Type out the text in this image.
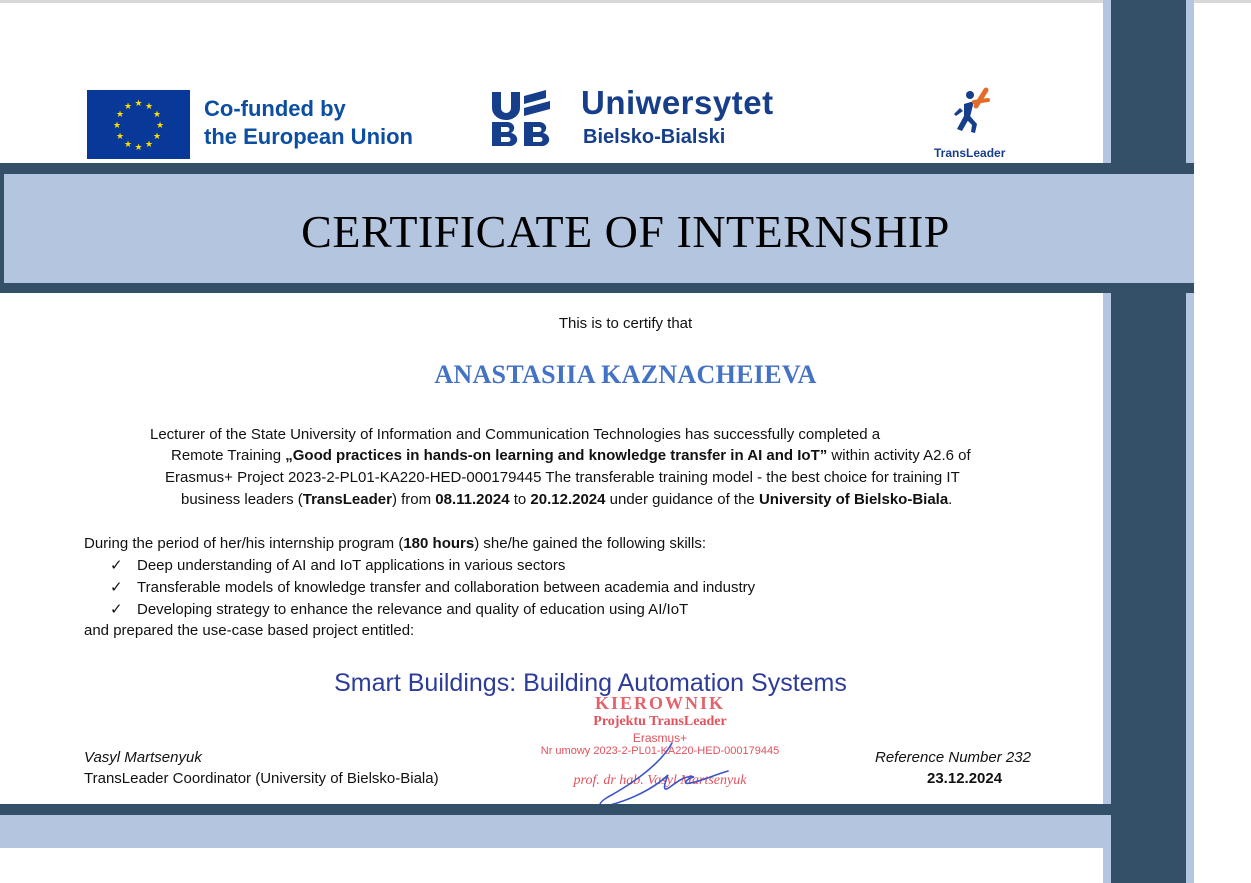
★ ★
★
★
★
★
★
★
★
★
★
★	Co-funded by
the European Union
Uniwersytet
Bielsko-Bialski
TransLeader
CERTIFICATE OF INTERNSHIP
This is to certify that
ANASTASIIA KAZNACHEIEVA
Lecturer of the State University of Information and Communication Technologies has successfully completed a
Remote Training „Good practices in hands-on learning and knowledge transfer in AI and IoT” within activity A2.6 of
Erasmus+ Project 2023-2-PL01-KA220-HED-000179445 The transferable training model - the best choice for training IT
business leaders (TransLeader) from 08.11.2024 to 20.12.2024 under guidance of the University of Bielsko-Biala.
During the period of her/his internship program (180 hours) she/he gained the following skills:
✓ Deep understanding of AI and IoT applications in various sectors
✓ Transferable models of knowledge transfer and collaboration between academia and industry
✓ Developing strategy to enhance the relevance and quality of education using AI/IoT
and prepared the use-case based project entitled:
Smart Buildings: Building Automation Systems
KIEROWNIK
Projektu TransLeader
Erasmus+
Nr umowy 2023-2-PL01-KA220-HED-000179445
prof. dr hab. Vasyl Martsenyuk
Vasyl Martsenyuk
TransLeader Coordinator (University of Bielsko-Biala)
Reference Number 232
23.12.2024
